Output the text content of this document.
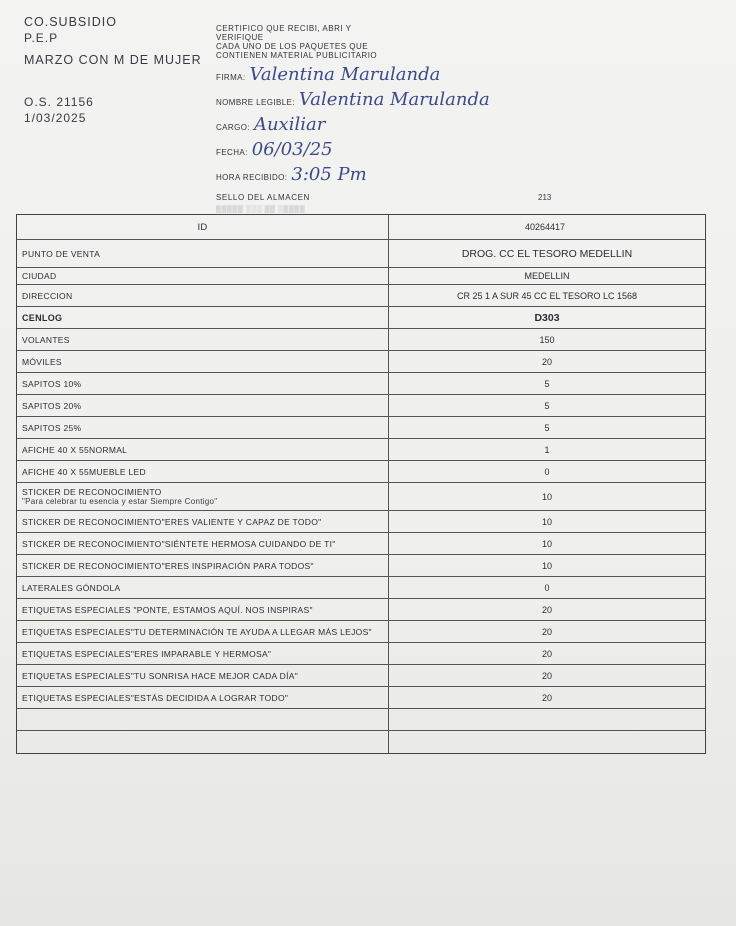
CO.SUBSIDIO
P.E.P
MARZO CON M DE MUJER
O.S. 21156
1/03/2025
CERTIFICO QUE RECIBI, ABRI Y
VERIFIQUE
CADA UNO DE LOS PAQUETES QUE
CONTIENEN MATERIAL PUBLICITARIO
FIRMA: Valentina Marulanda
NOMBRE LEGIBLE: Valentina Marulanda
CARGO: Auxiliar
FECHA: 06/03/25
HORA RECIBIDO: 3:05 Pm
SELLO DEL ALMACEN
▒▒▒▒▒ ░░░ ▒▒ ░▒▒▒▒
213
ID	40264417
PUNTO DE VENTA	DROG. CC EL TESORO MEDELLIN
CIUDAD	MEDELLIN
DIRECCION	CR 25 1 A SUR 45 CC EL TESORO LC 1568
CENLOG	D303
VOLANTES	150
MÓVILES	20
SAPITOS 10%	5
SAPITOS 20%	5
SAPITOS 25%	5
AFICHE 40 X 55NORMAL	1
AFICHE 40 X 55MUEBLE LED	0
STICKER DE RECONOCIMIENTO
"Para celebrar tu esencia y estar Siempre Contigo"	10
STICKER DE RECONOCIMIENTO"ERES VALIENTE Y CAPAZ DE TODO"	10
STICKER DE RECONOCIMIENTO"SIÉNTETE HERMOSA CUIDANDO DE TI"	10
STICKER DE RECONOCIMIENTO"ERES INSPIRACIÓN PARA TODOS"	10
LATERALES GÓNDOLA	0
ETIQUETAS ESPECIALES "PONTE, ESTAMOS AQUÍ. NOS INSPIRAS"	20
ETIQUETAS ESPECIALES"TU DETERMINACIÓN TE AYUDA A LLEGAR MÁS LEJOS"	20
ETIQUETAS ESPECIALES"ERES IMPARABLE Y HERMOSA"	20
ETIQUETAS ESPECIALES"TU SONRISA HACE MEJOR CADA DÍA"	20
ETIQUETAS ESPECIALES"ESTÁS DECIDIDA A LOGRAR TODO"	20
